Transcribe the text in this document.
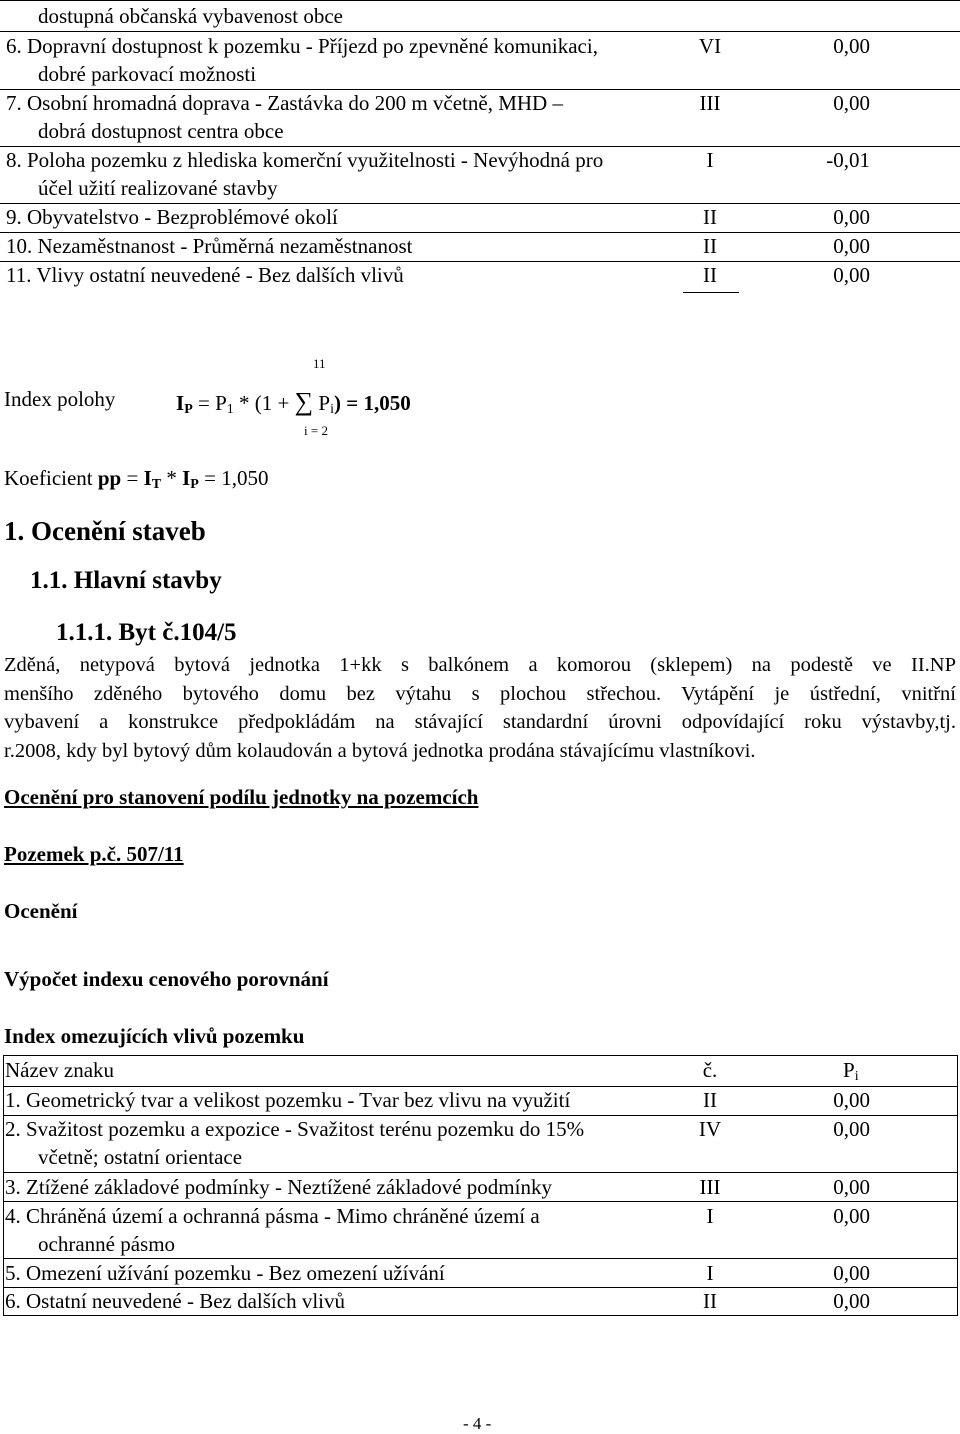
dostupná občanská vybavenost obce
6. Dopravní dostupnost k pozemku - Příjezd po zpevněné komunikaci,	VI	0,00
dobré parkovací možnosti
7. Osobní hromadná doprava - Zastávka do 200 m včetně, MHD –	III	0,00
dobrá dostupnost centra obce
8. Poloha pozemku z hlediska komerční využitelnosti - Nevýhodná pro	I	-0,01
účel užití realizované stavby
9. Obyvatelstvo - Bezproblémové okolí	II	0,00
10. Nezaměstnanost - Průměrná nezaměstnanost	II	0,00
11. Vlivy ostatní neuvedené - Bez dalších vlivů	II	0,00
11
Index polohy	$I_P = P_1 * (1$ + ∑ $P_i) = 1,050$
i = 2
Koeficient pp = $I_T * I_P = 1,050$
1. Ocenění staveb
1.1. Hlavní stavby
1.1.1. Byt č.104/5
Zděná, netypová bytová jednotka 1+kk s balkónem a komorou (sklepem) na podestě ve II.NP
menšího zděného bytového domu bez výtahu s plochou střechou. Vytápění je ústřední, vnitřní
vybavení a konstrukce předpokládám na stávající standardní úrovni odpovídající roku výstavby,tj.
r.2008, kdy byl bytový dům kolaudován a bytová jednotka prodána stávajícímu vlastníkovi.
Ocenění pro stanovení podílu jednotky na pozemcích
Pozemek p.č. 507/11
Ocenění
Výpočet indexu cenového porovnání
Index omezujících vlivů pozemku
Název znaku	č.	$P_i$
1. Geometrický tvar a velikost pozemku - Tvar bez vlivu na využití	II	0,00
2. Svažitost pozemku a expozice - Svažitost terénu pozemku do 15%	IV	0,00
včetně; ostatní orientace
3. Ztížené základové podmínky - Neztížené základové podmínky	III	0,00
4. Chráněná území a ochranná pásma - Mimo chráněné území a	I	0,00
ochranné pásmo
5. Omezení užívání pozemku - Bez omezení užívání	I	0,00
6. Ostatní neuvedené - Bez dalších vlivů	II	0,00
- 4 -
